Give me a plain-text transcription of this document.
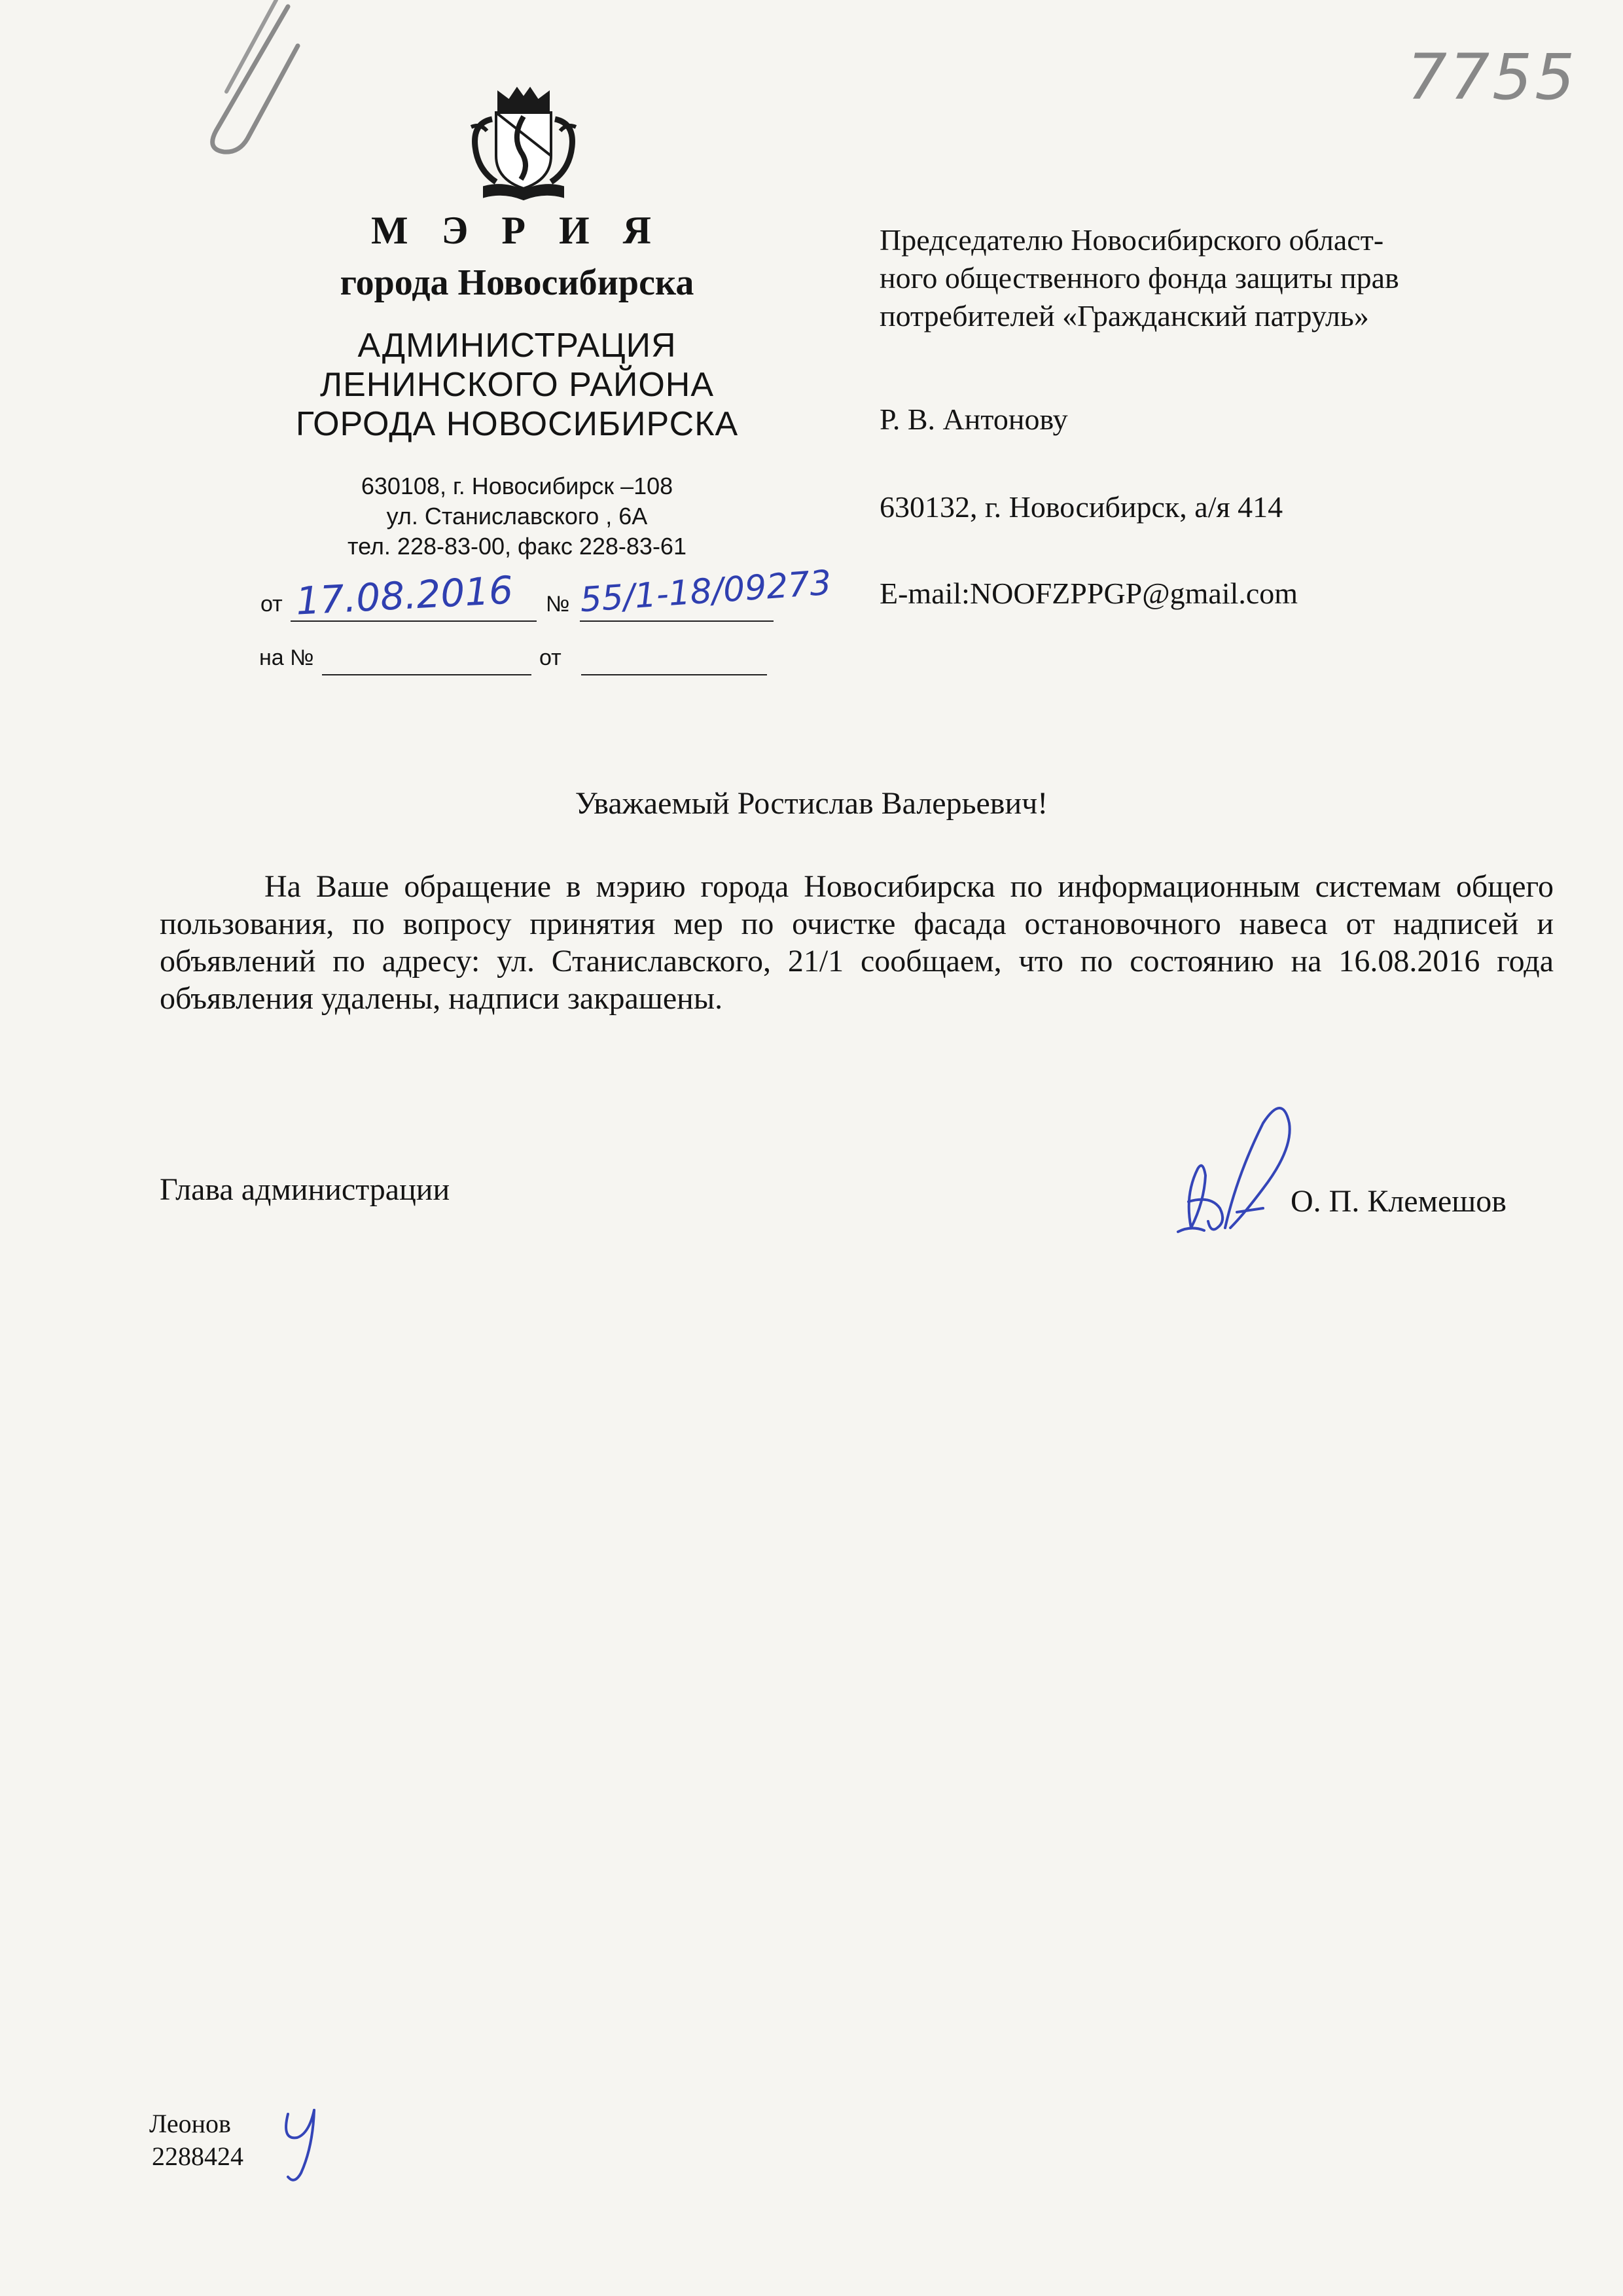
7755
М Э Р И Я
города Новосибирска
АДМИНИСТРАЦИЯ
ЛЕНИНСКОГО РАЙОНА
ГОРОДА НОВОСИБИРСКА
630108, г. Новосибирск –108
ул. Станиславского , 6А
тел. 228-83-00, факс 228-83-61
от 17.08.2016 № 55/1-18/09273
на №	от
Председателю Новосибирского област-
ного общественного фонда защиты прав
потребителей «Гражданский патруль»
Р. В. Антонову
630132, г. Новосибирск, а/я 414
E-mail:NOOFZPPGP@gmail.com
Уважаемый Ростислав Валерьевич!
На Ваше обращение в мэрию города Новосибирска по информационным системам общего пользования, по вопросу принятия мер по очистке фасада остановочного навеса от надписей и объявлений по адресу: ул. Станиславского, 21/1 сообщаем, что по состоянию на 16.08.2016 года объявления удалены, надписи закрашены.
Глава администрации	О. П. Клемешов
Леонов
2288424
